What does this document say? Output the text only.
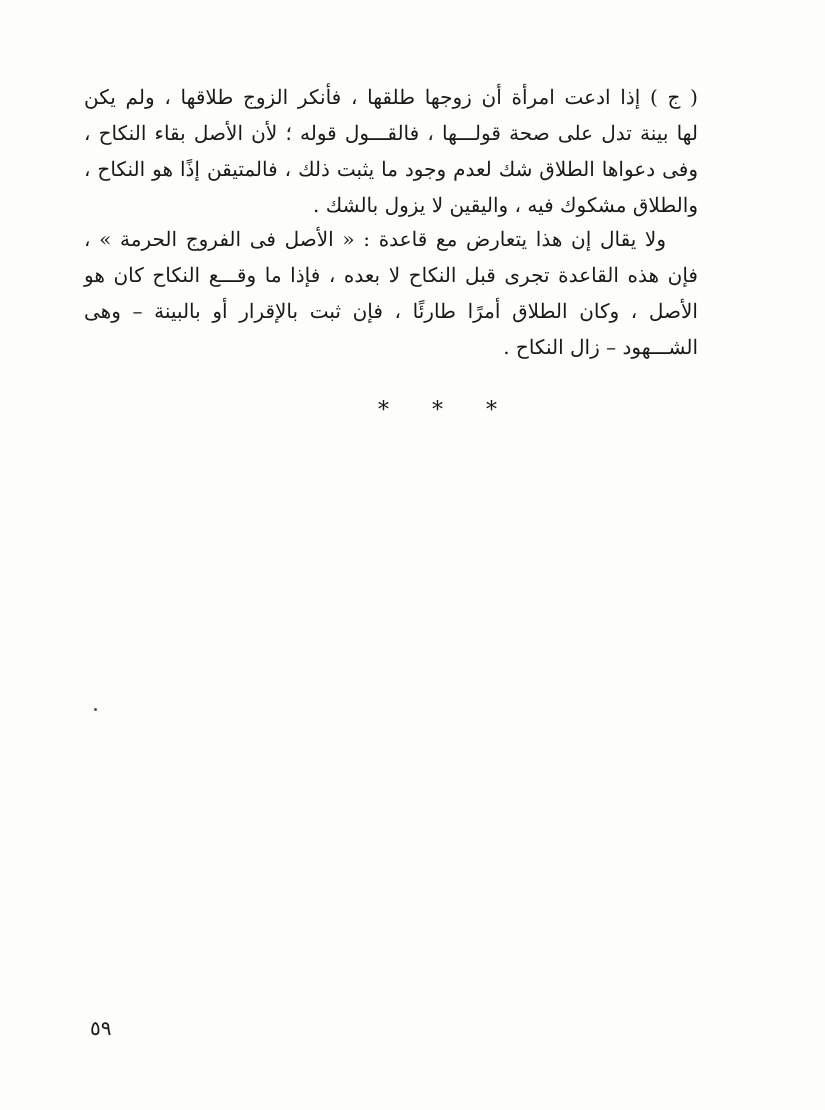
( ج ) إذا ادعت امرأة أن زوجها طلقها ، فأنكر الزوج طلاقها ، ولم يكن
لها بينة تدل على صحة قولـــها ، فالقـــول قوله ؛ لأن الأصل بقاء النكاح ،
وفى دعواها الطلاق شك لعدم وجود ما يثبت ذلك ، فالمتيقن إذًا هو النكاح ،
والطلاق مشكوك فيه ، واليقين لا يزول بالشك .
ولا يقال إن هذا يتعارض مع قاعدة : « الأصل فى الفروج الحرمة » ،
فإن هذه القاعدة تجرى قبل النكاح لا بعده ، فإذا ما وقـــع النكاح كان هو
الأصل ، وكان الطلاق أمرًا طارئًا ، فإن ثبت بالإقرار أو بالبينة – وهى
الشـــهود – زال النكاح .
* * *
٥٩
